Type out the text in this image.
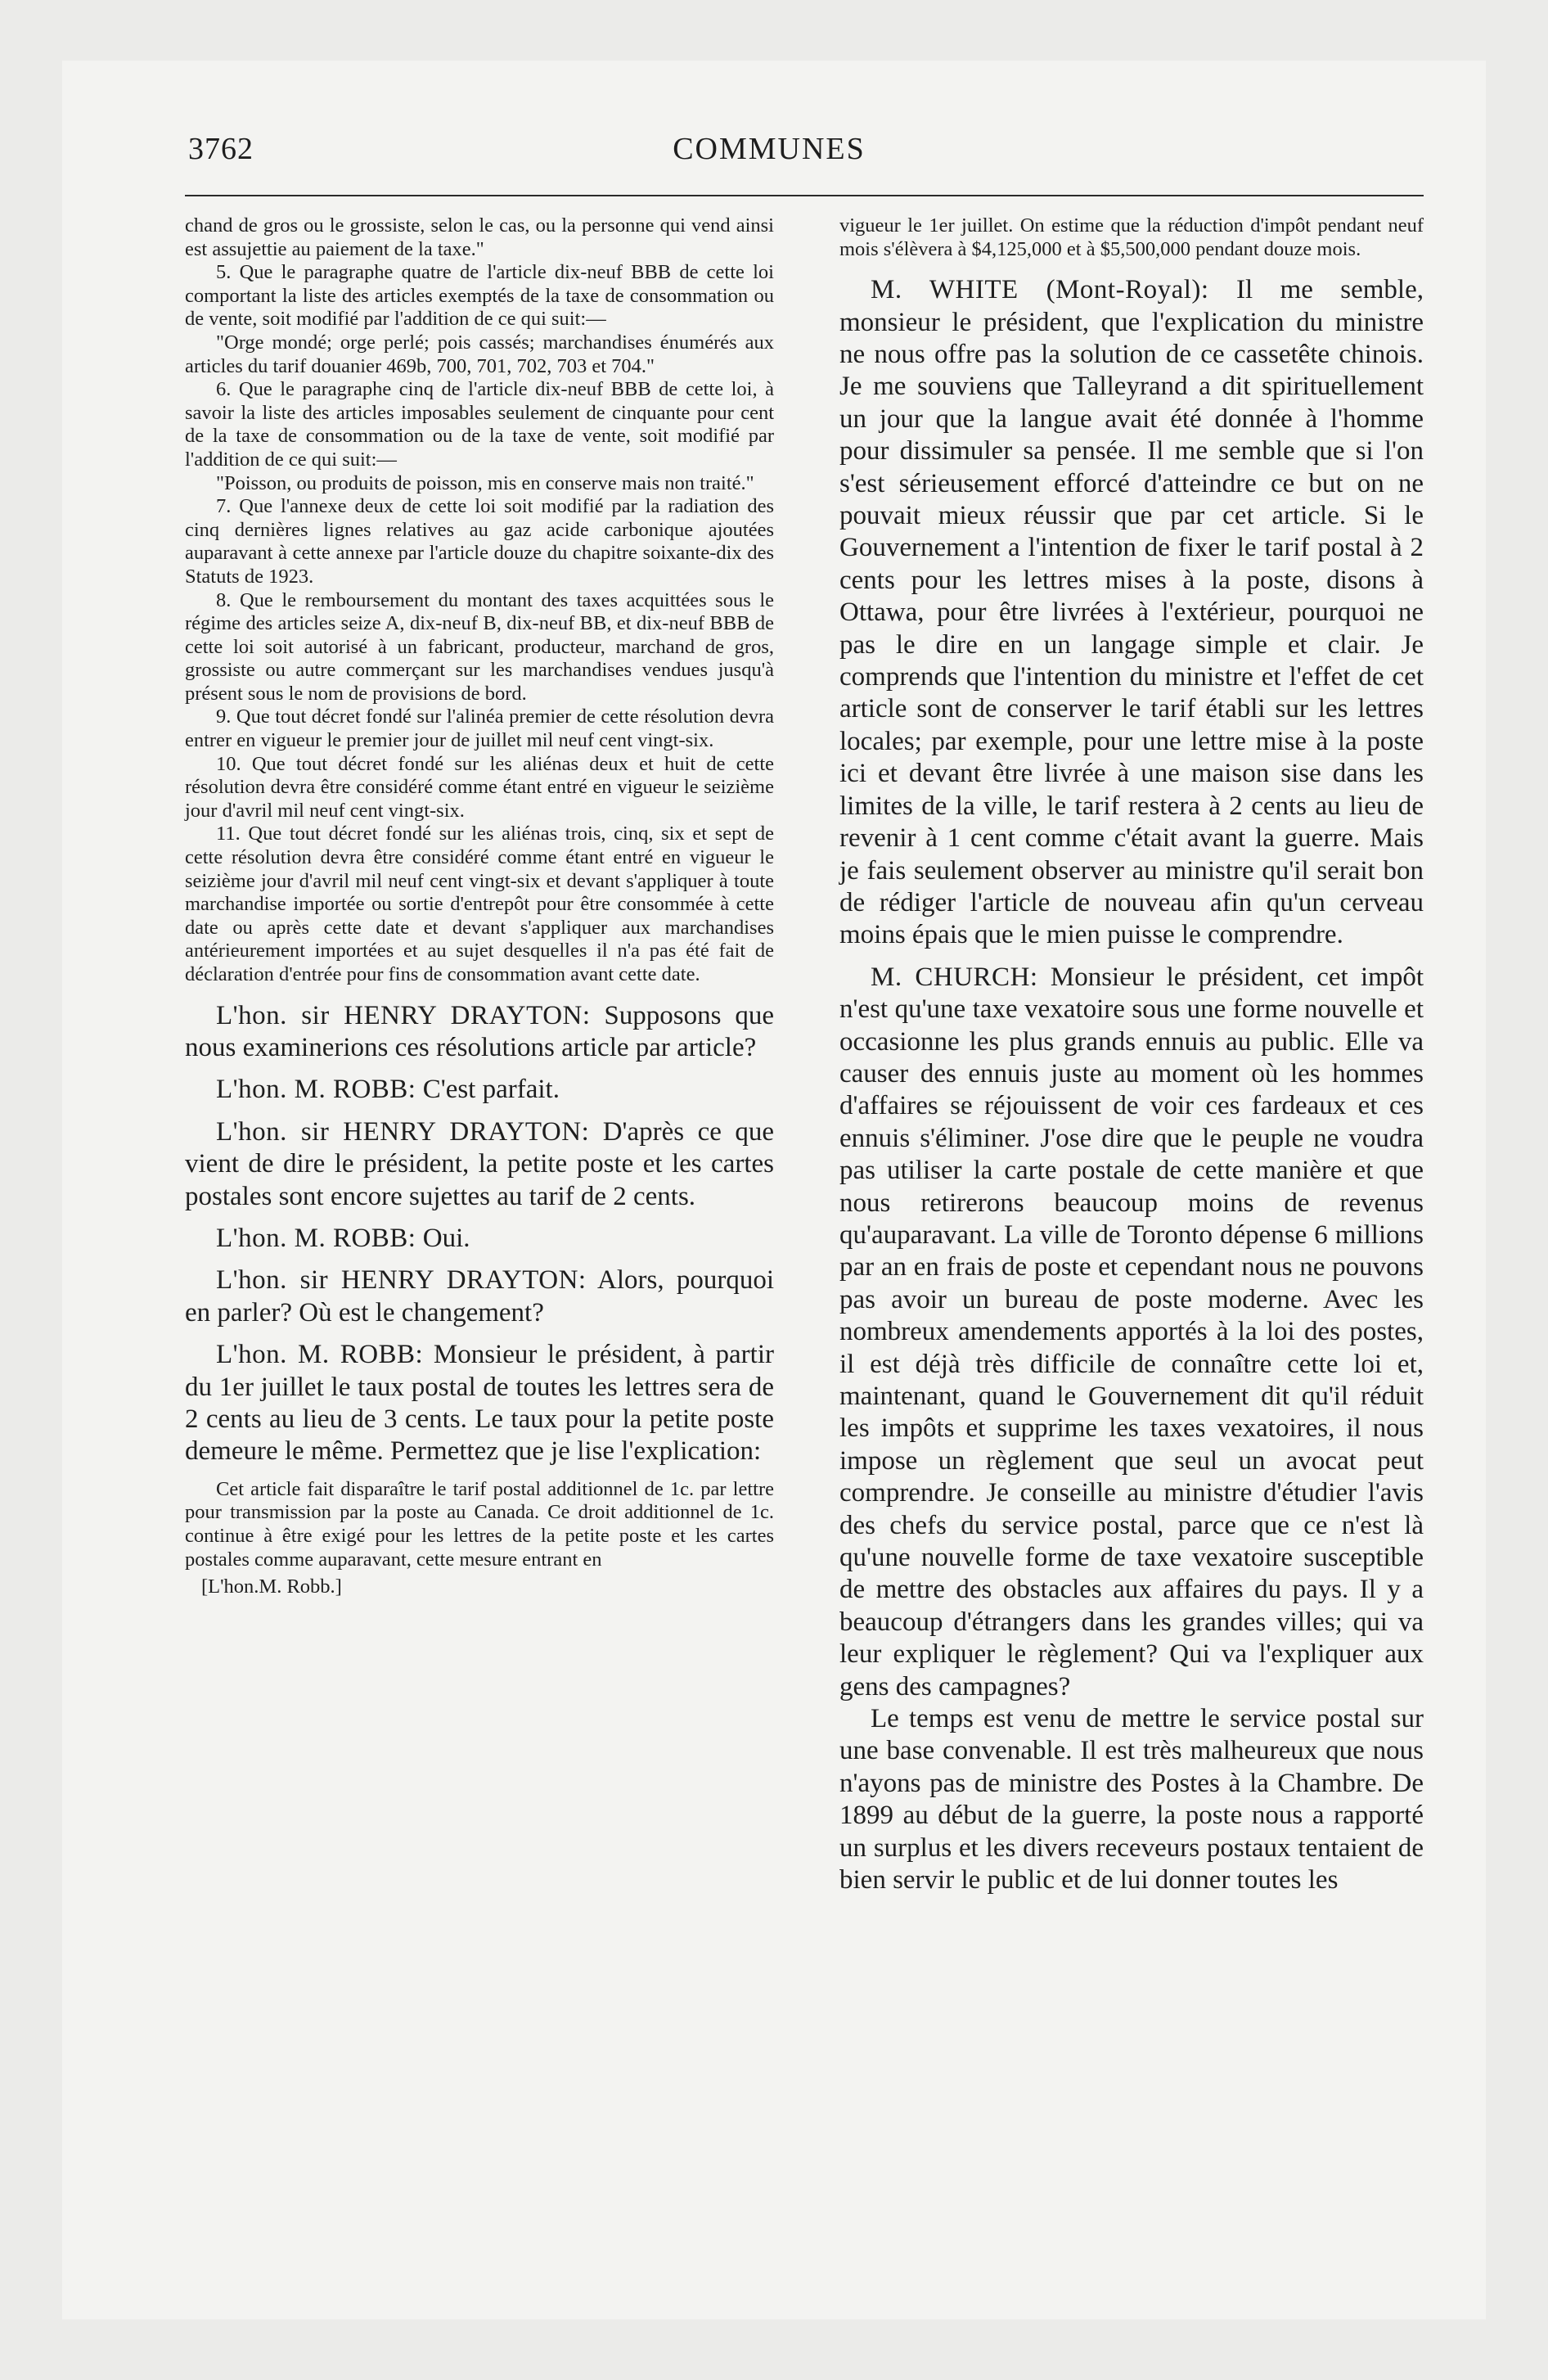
3762	COMMUNES

chand de gros ou le grossiste, selon le cas, ou la personne qui vend ainsi est assujettie au paiement de la taxe."

5. Que le paragraphe quatre de l'article dix-neuf BBB de cette loi comportant la liste des articles exemptés de la taxe de consommation ou de vente, soit modifié par l'addition de ce qui suit:—

"Orge mondé; orge perlé; pois cassés; marchandises énumérés aux articles du tarif douanier 469b, 700, 701, 702, 703 et 704."

6. Que le paragraphe cinq de l'article dix-neuf BBB de cette loi, à savoir la liste des articles imposables seulement de cinquante pour cent de la taxe de consommation ou de la taxe de vente, soit modifié par l'addition de ce qui suit:—

"Poisson, ou produits de poisson, mis en conserve mais non traité."

7. Que l'annexe deux de cette loi soit modifié par la radiation des cinq dernières lignes relatives au gaz acide carbonique ajoutées auparavant à cette annexe par l'article douze du chapitre soixante-dix des Statuts de 1923.

8. Que le remboursement du montant des taxes acquittées sous le régime des articles seize A, dix-neuf B, dix-neuf BB, et dix-neuf BBB de cette loi soit autorisé à un fabricant, producteur, marchand de gros, grossiste ou autre commerçant sur les marchandises vendues jusqu'à présent sous le nom de provisions de bord.

9. Que tout décret fondé sur l'alinéa premier de cette résolution devra entrer en vigueur le premier jour de juillet mil neuf cent vingt-six.

10. Que tout décret fondé sur les aliénas deux et huit de cette résolution devra être considéré comme étant entré en vigueur le seizième jour d'avril mil neuf cent vingt-six.

11. Que tout décret fondé sur les aliénas trois, cinq, six et sept de cette résolution devra être considéré comme étant entré en vigueur le seizième jour d'avril mil neuf cent vingt-six et devant s'appliquer à toute marchandise importée ou sortie d'entrepôt pour être consommée à cette date ou après cette date et devant s'appliquer aux marchandises antérieurement importées et au sujet desquelles il n'a pas été fait de déclaration d'entrée pour fins de consommation avant cette date.

L'hon. sir HENRY DRAYTON: Supposons que nous examinerions ces résolutions article par article?

L'hon. M. ROBB: C'est parfait.

L'hon. sir HENRY DRAYTON: D'après ce que vient de dire le président, la petite poste et les cartes postales sont encore sujettes au tarif de 2 cents.

L'hon. M. ROBB: Oui.

L'hon. sir HENRY DRAYTON: Alors, pourquoi en parler? Où est le changement?

L'hon. M. ROBB: Monsieur le président, à partir du 1er juillet le taux postal de toutes les lettres sera de 2 cents au lieu de 3 cents. Le taux pour la petite poste demeure le même. Permettez que je lise l'explication:

Cet article fait disparaître le tarif postal additionnel de 1c. par lettre pour transmission par la poste au Canada. Ce droit additionnel de 1c. continue à être exigé pour les lettres de la petite poste et les cartes postales comme auparavant, cette mesure entrant en

[L'hon.M. Robb.]

vigueur le 1er juillet. On estime que la réduction d'impôt pendant neuf mois s'élèvera à $4,125,000 et à $5,500,000 pendant douze mois.

M. WHITE (Mont-Royal): Il me semble, monsieur le président, que l'explication du ministre ne nous offre pas la solution de ce cassetête chinois. Je me souviens que Talleyrand a dit spirituellement un jour que la langue avait été donnée à l'homme pour dissimuler sa pensée. Il me semble que si l'on s'est sérieusement efforcé d'atteindre ce but on ne pouvait mieux réussir que par cet article. Si le Gouvernement a l'intention de fixer le tarif postal à 2 cents pour les lettres mises à la poste, disons à Ottawa, pour être livrées à l'extérieur, pourquoi ne pas le dire en un langage simple et clair. Je comprends que l'intention du ministre et l'effet de cet article sont de conserver le tarif établi sur les lettres locales; par exemple, pour une lettre mise à la poste ici et devant être livrée à une maison sise dans les limites de la ville, le tarif restera à 2 cents au lieu de revenir à 1 cent comme c'était avant la guerre. Mais je fais seulement observer au ministre qu'il serait bon de rédiger l'article de nouveau afin qu'un cerveau moins épais que le mien puisse le comprendre.

M. CHURCH: Monsieur le président, cet impôt n'est qu'une taxe vexatoire sous une forme nouvelle et occasionne les plus grands ennuis au public. Elle va causer des ennuis juste au moment où les hommes d'affaires se réjouissent de voir ces fardeaux et ces ennuis s'éliminer. J'ose dire que le peuple ne voudra pas utiliser la carte postale de cette manière et que nous retirerons beaucoup moins de revenus qu'auparavant. La ville de Toronto dépense 6 millions par an en frais de poste et cependant nous ne pouvons pas avoir un bureau de poste moderne. Avec les nombreux amendements apportés à la loi des postes, il est déjà très difficile de connaître cette loi et, maintenant, quand le Gouvernement dit qu'il réduit les impôts et supprime les taxes vexatoires, il nous impose un règlement que seul un avocat peut comprendre. Je conseille au ministre d'étudier l'avis des chefs du service postal, parce que ce n'est là qu'une nouvelle forme de taxe vexatoire susceptible de mettre des obstacles aux affaires du pays. Il y a beaucoup d'étrangers dans les grandes villes; qui va leur expliquer le règlement? Qui va l'expliquer aux gens des campagnes?

Le temps est venu de mettre le service postal sur une base convenable. Il est très malheureux que nous n'ayons pas de ministre des Postes à la Chambre. De 1899 au début de la guerre, la poste nous a rapporté un surplus et les divers receveurs postaux tentaient de bien servir le public et de lui donner toutes les
